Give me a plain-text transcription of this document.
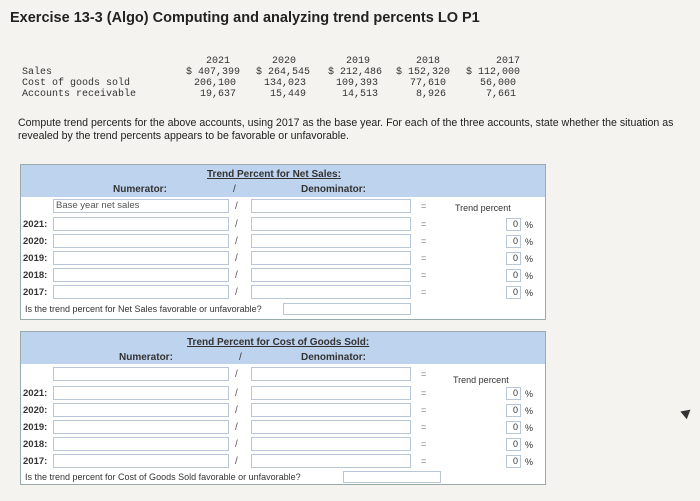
Exercise 13-3 (Algo) Computing and analyzing trend percents LO P1
2021	2020	2019	2018	2017
Sales	$ 407,399	$ 264,545	$ 212,486	$ 152,320	$ 112,000
Cost of goods sold	206,100	134,023	109,393	77,610	56,000
Accounts receivable	19,637	15,449	14,513	8,926	7,661
Compute trend percents for the above accounts, using 2017 as the base year. For each of the three accounts, state whether the situation as revealed by the trend percents appears to be favorable or unfavorable.
Trend Percent for Net Sales:
Numerator:	/	Denominator:
Base year net sales	/	=	Trend percent
2021:	/	=	0 %
2020:	/	=	0 %
2019:	/	=	0 %
2018:	/	=	0 %
2017:	/	=	0 %
Is the trend percent for Net Sales favorable or unfavorable?
Trend Percent for Cost of Goods Sold:
Numerator:	/	Denominator:
/	=
Trend percent
2021:	/	=	0 %
2020:	/	=	0 %
2019:	/	=	0 %
2018:	/	=	0 %
2017:	/	=	0 %
Is the trend percent for Cost of Goods Sold favorable or unfavorable?
